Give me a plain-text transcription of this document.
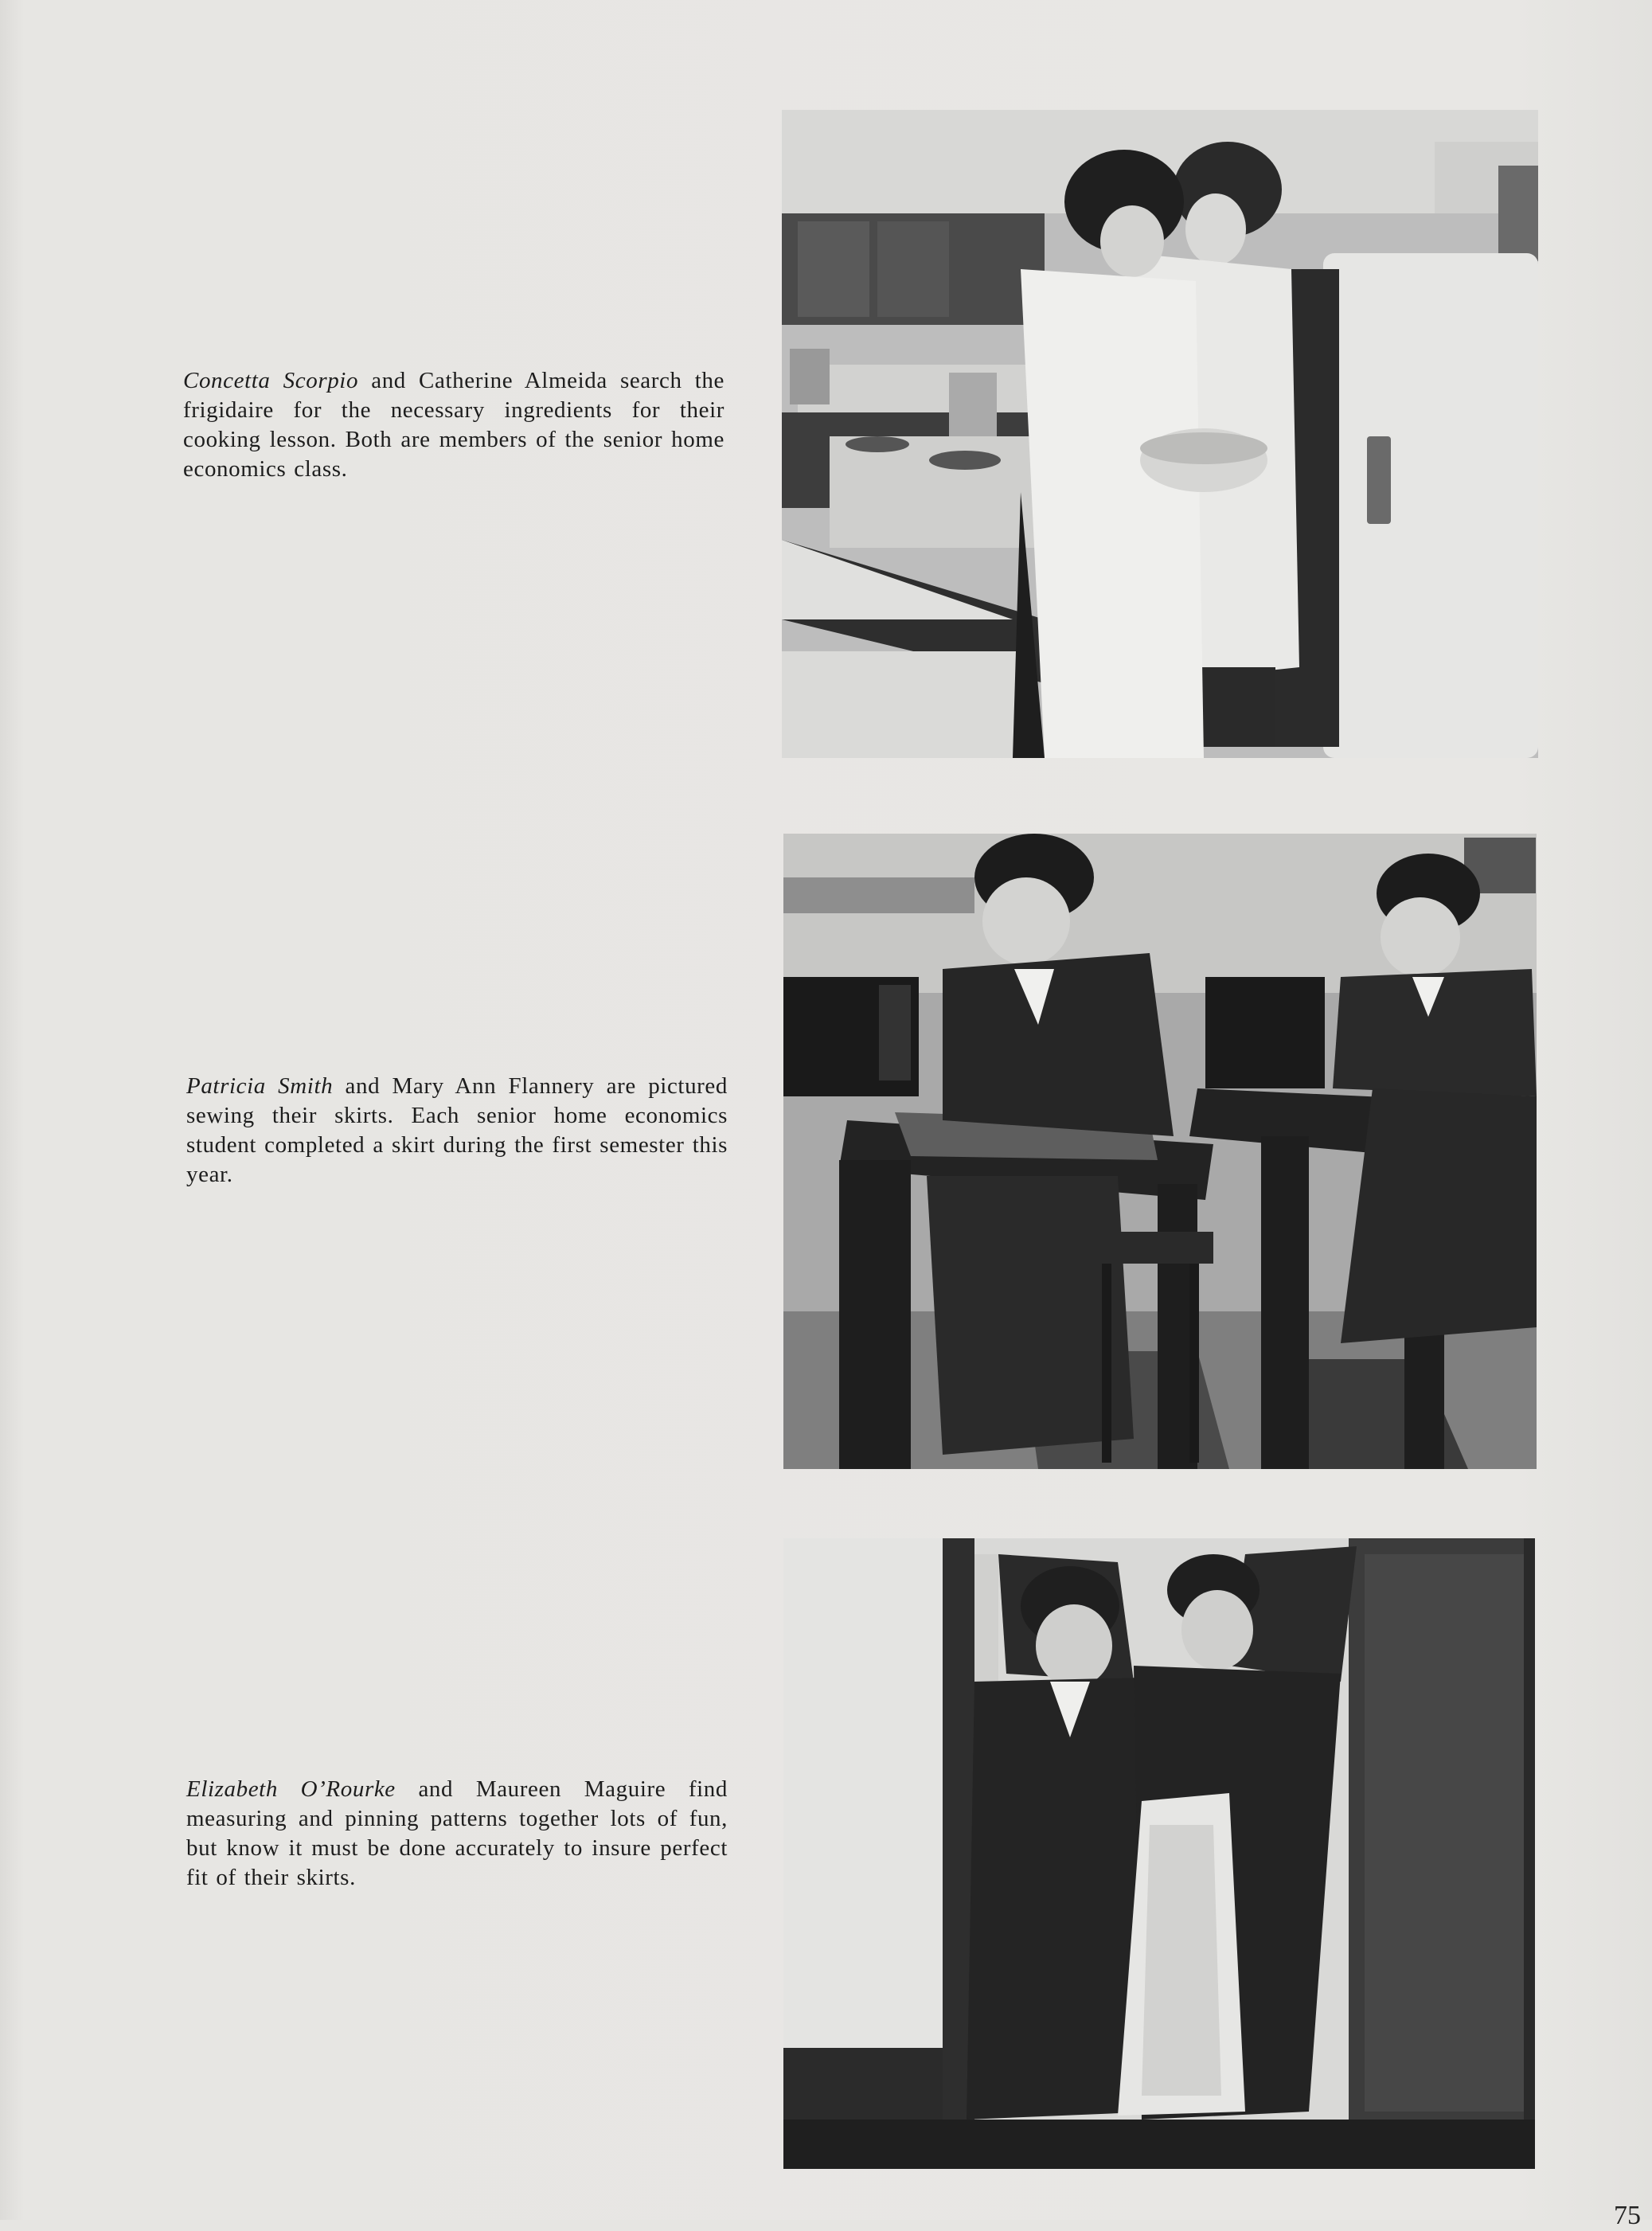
Concetta Scorpio and Catherine Almeida search the frigidaire for the necessary ingredients for their cooking lesson. Both are members of the senior home economics class.
Patricia Smith and Mary Ann Flannery are pictured sewing their skirts. Each senior home economics student completed a skirt during the first semester this year.
Elizabeth O’Rourke and Maureen Maguire find measuring and pinning patterns together lots of fun, but know it must be done accurately to insure perfect fit of their skirts.
75
